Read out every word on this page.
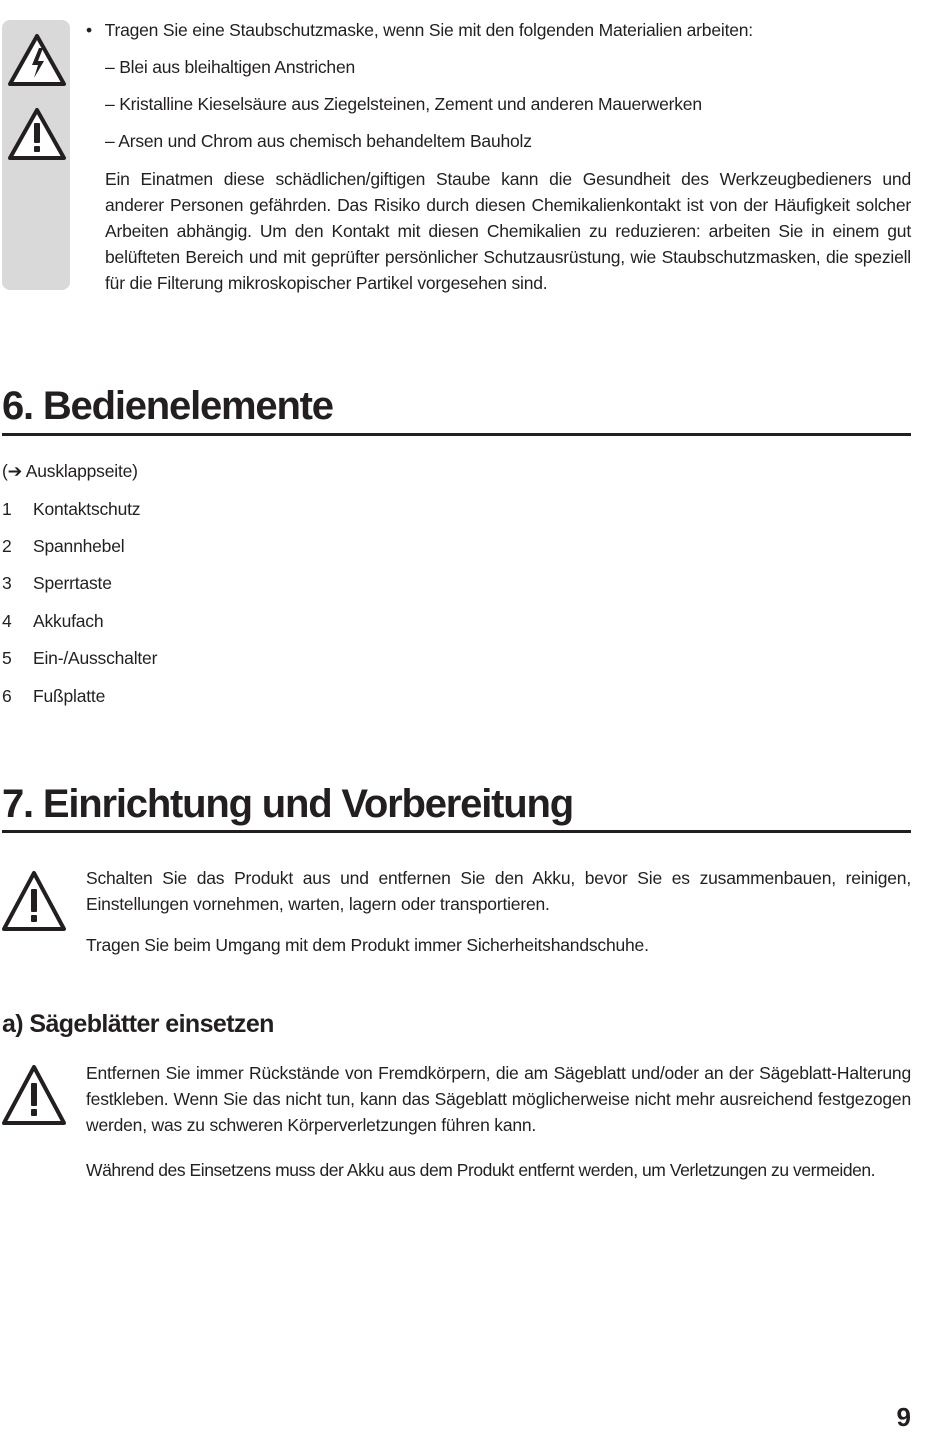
• Tragen Sie eine Staubschutzmaske, wenn Sie mit den folgenden Materialien arbeiten:
– Blei aus bleihaltigen Anstrichen
– Kristalline Kieselsäure aus Ziegelsteinen, Zement und anderen Mauerwerken
– Arsen und Chrom aus chemisch behandeltem Bauholz
Ein Einatmen diese schädlichen/giftigen Staube kann die Gesundheit des Werkzeugbedieners und anderer Personen gefährden. Das Risiko durch diesen Chemikalienkontakt ist von der Häufigkeit solcher Arbeiten abhängig. Um den Kontakt mit diesen Chemikalien zu reduzieren: arbeiten Sie in einem gut belüfteten Bereich und mit geprüfter persönlicher Schutzausrüstung, wie Staubschutzmasken, die speziell für die Filterung mikroskopischer Partikel vorgesehen sind.
6. Bedienelemente
(➔ Ausklappseite)
1 Kontaktschutz
2 Spannhebel
3 Sperrtaste
4 Akkufach
5 Ein-/Ausschalter
6 Fußplatte
7. Einrichtung und Vorbereitung
Schalten Sie das Produkt aus und entfernen Sie den Akku, bevor Sie es zusammenbauen, reinigen, Einstellungen vornehmen, warten, lagern oder transportieren.
Tragen Sie beim Umgang mit dem Produkt immer Sicherheitshandschuhe.
a) Sägeblätter einsetzen
Entfernen Sie immer Rückstände von Fremdkörpern, die am Sägeblatt und/oder an der Sägeblatt-Halterung festkleben. Wenn Sie das nicht tun, kann das Sägeblatt möglicherweise nicht mehr ausreichend festgezogen werden, was zu schweren Körperverletzungen führen kann.
Während des Einsetzens muss der Akku aus dem Produkt entfernt werden, um Verletzungen zu vermeiden.
9
